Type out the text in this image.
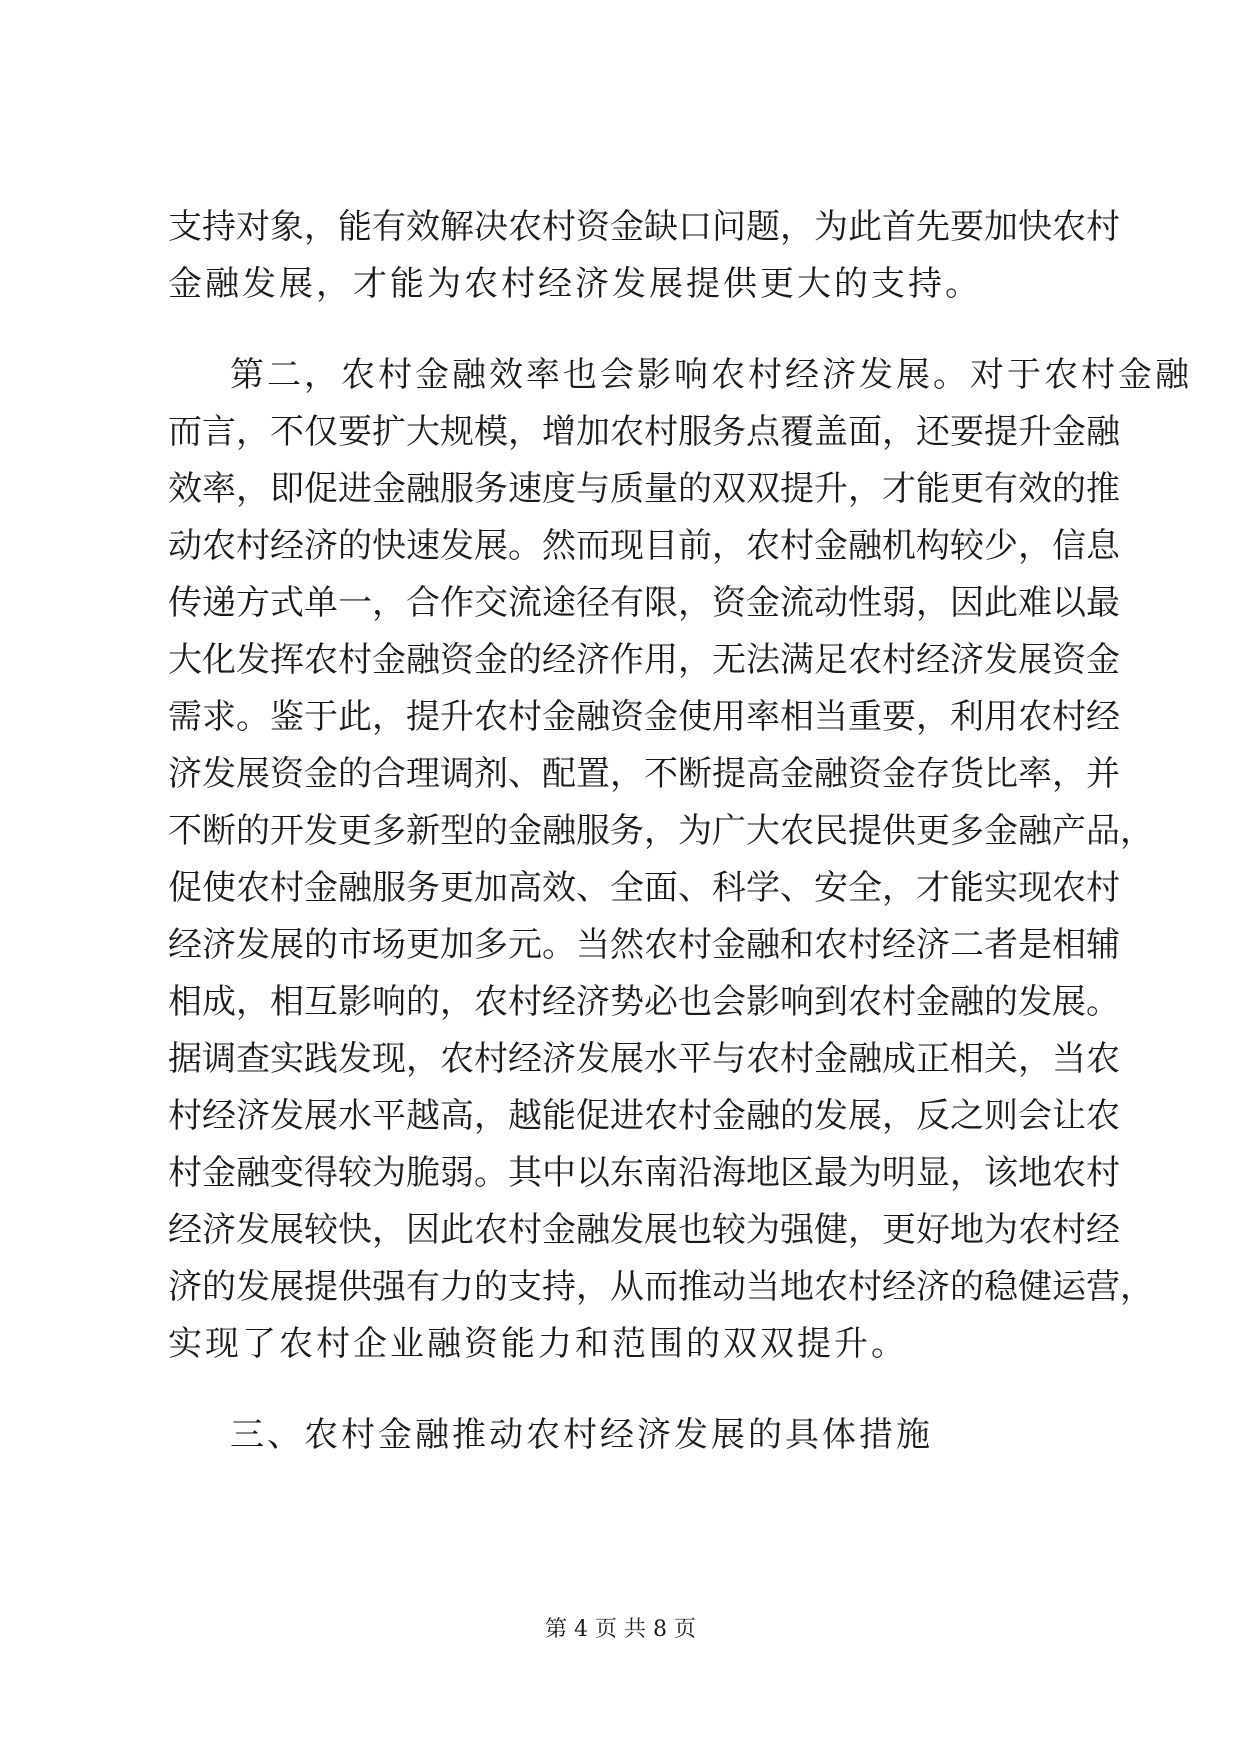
支持对象，能有效解决农村资金缺口问题，为此首先要加快农村
金融发展，才能为农村经济发展提供更大的支持。
第二，农村金融效率也会影响农村经济发展。对于农村金融
而言，不仅要扩大规模，增加农村服务点覆盖面，还要提升金融
效率，即促进金融服务速度与质量的双双提升，才能更有效的推
动农村经济的快速发展。然而现目前，农村金融机构较少，信息
传递方式单一，合作交流途径有限，资金流动性弱，因此难以最
大化发挥农村金融资金的经济作用，无法满足农村经济发展资金
需求。鉴于此，提升农村金融资金使用率相当重要，利用农村经
济发展资金的合理调剂、配置，不断提高金融资金存货比率，并
不断的开发更多新型的金融服务，为广大农民提供更多金融产品，
促使农村金融服务更加高效、全面、科学、安全，才能实现农村
经济发展的市场更加多元。当然农村金融和农村经济二者是相辅
相成，相互影响的，农村经济势必也会影响到农村金融的发展。
据调查实践发现，农村经济发展水平与农村金融成正相关，当农
村经济发展水平越高，越能促进农村金融的发展，反之则会让农
村金融变得较为脆弱。其中以东南沿海地区最为明显，该地农村
经济发展较快，因此农村金融发展也较为强健，更好地为农村经
济的发展提供强有力的支持，从而推动当地农村经济的稳健运营，
实现了农村企业融资能力和范围的双双提升。
三、农村金融推动农村经济发展的具体措施
第 4 页 共 8 页
